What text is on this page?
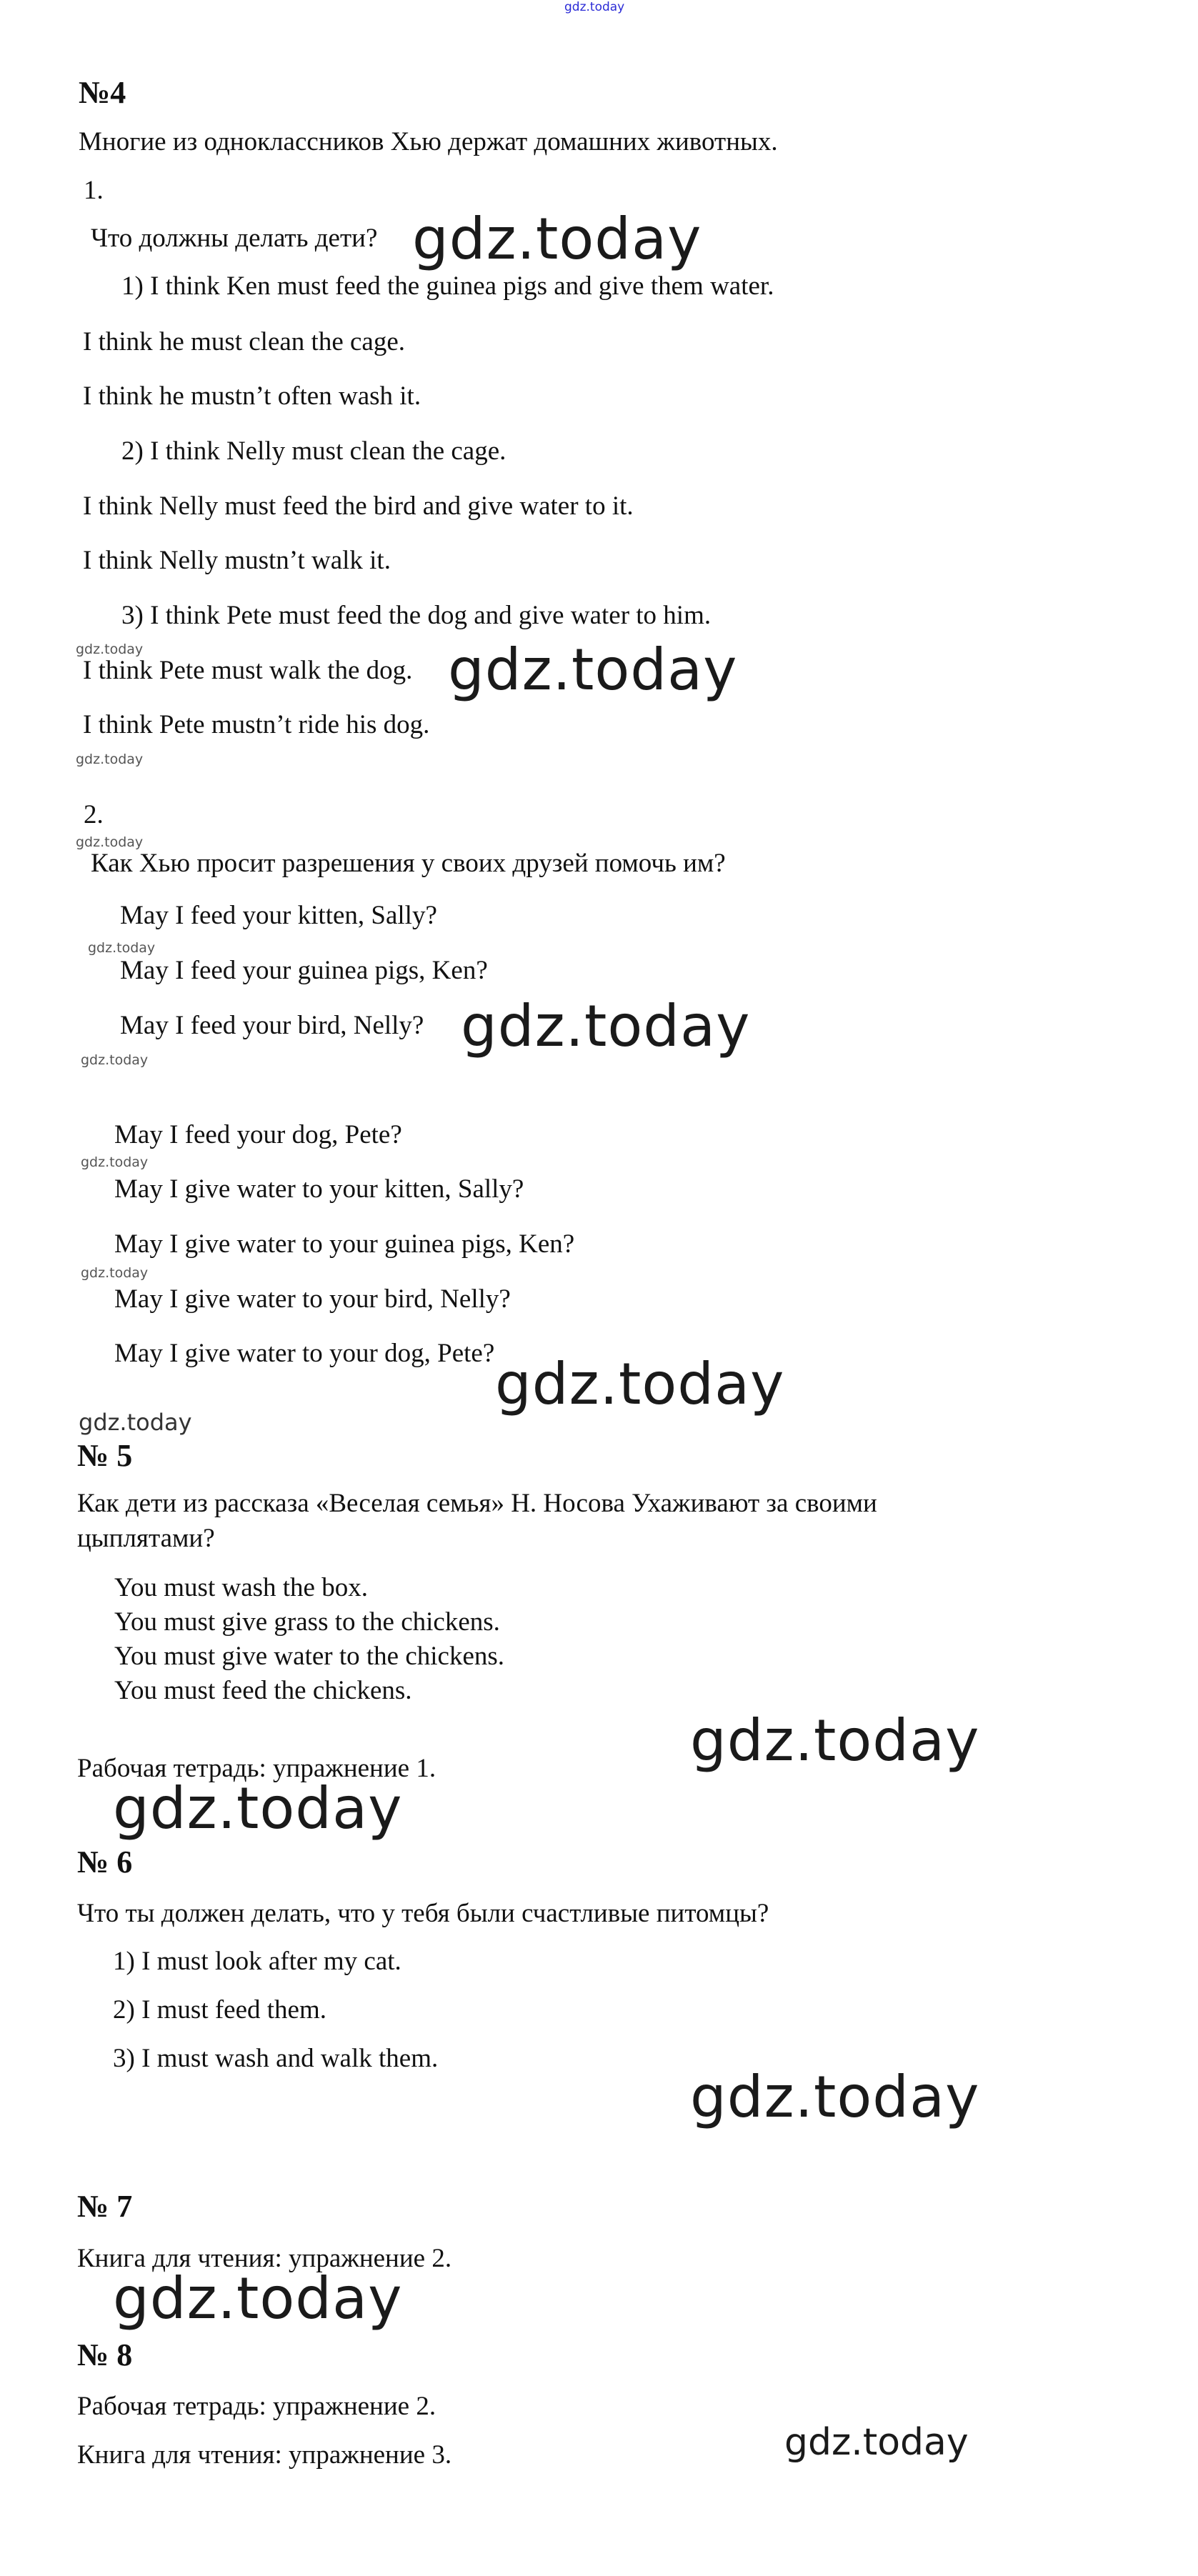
gdz.today
№4
Многие из одноклассников Хью держат домашних животных.
1.
Что должны делать дети? gdz.today
1) I think Ken must feed the guinea pigs and give them water.
I think he must clean the cage.
I think he mustn’t often wash it.
2) I think Nelly must clean the cage.
I think Nelly must feed the bird and give water to it.
I think Nelly mustn’t walk it.
3) I think Pete must feed the dog and give water to him.
gdz.today
I think Pete must walk the dog. gdz.today
I think Pete mustn’t ride his dog.
gdz.today
2.
gdz.today
Как Хью просит разрешения у своих друзей помочь им?
May I feed your kitten, Sally?
gdz.today
May I feed your guinea pigs, Ken?
May I feed your bird, Nelly? gdz.today
gdz.today
May I feed your dog, Pete?
gdz.today
May I give water to your kitten, Sally?
May I give water to your guinea pigs, Ken?
gdz.today
May I give water to your bird, Nelly?
May I give water to your dog, Pete? gdz.today
gdz.today
№ 5
Как дети из рассказа «Веселая семья» Н. Носова Ухаживают за своими
цыплятами?
You must wash the box.
You must give grass to the chickens.
You must give water to the chickens.
You must feed the chickens.
gdz.today
Рабочая тетрадь: упражнение 1.
gdz.today
№ 6
Что ты должен делать, что у тебя были счастливые питомцы?
1) I must look after my cat.
2) I must feed them.
3) I must wash and walk them.
gdz.today
№ 7
Книга для чтения: упражнение 2.
gdz.today
№ 8
Рабочая тетрадь: упражнение 2.
gdz.today
Книга для чтения: упражнение 3.
